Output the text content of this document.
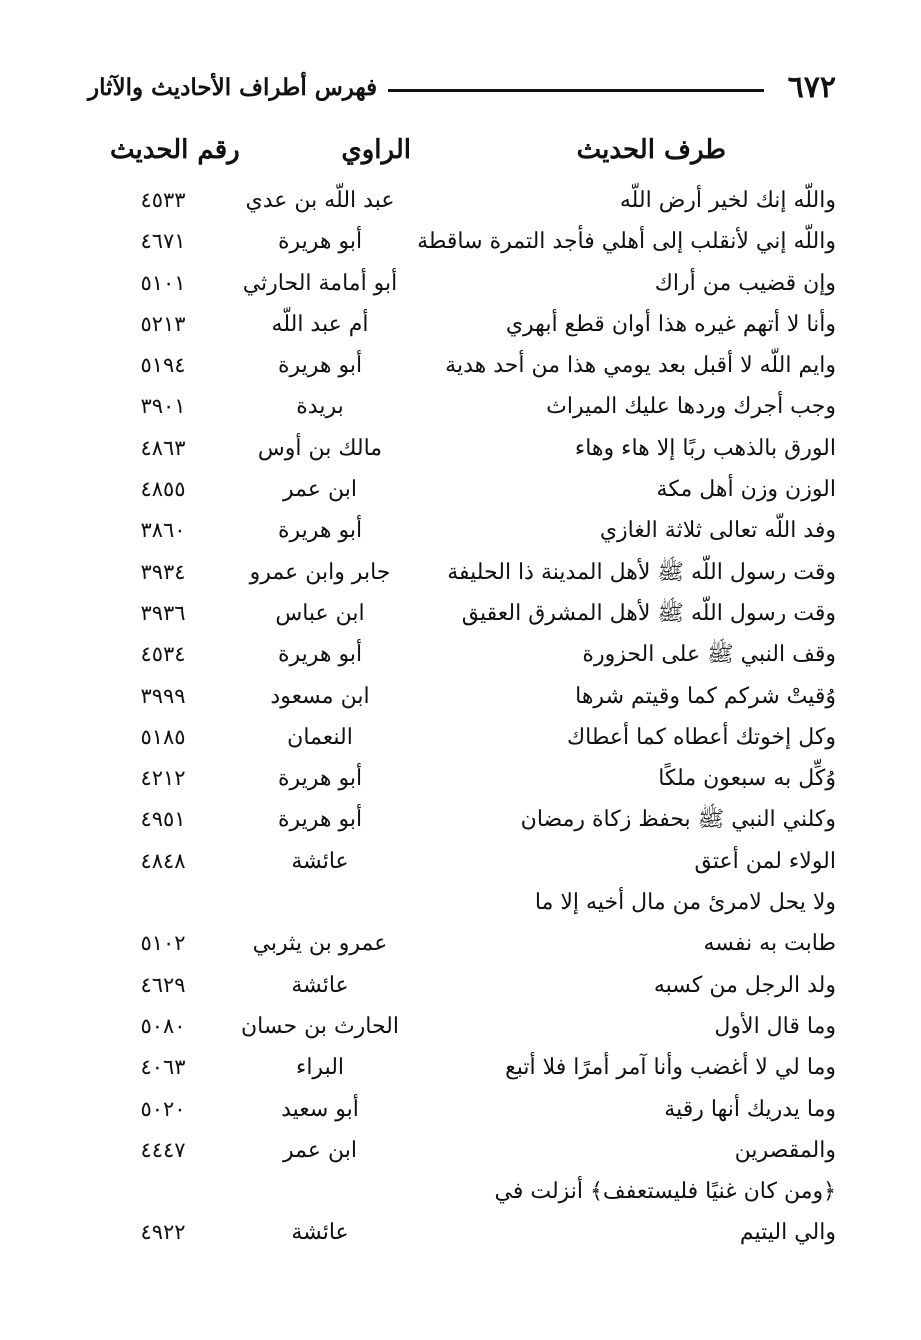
٦٧٢
فهرس أطراف الأحاديث والآثار
طرف الحديث
الراوي
رقم الحديث
واللّه إنك لخير أرض اللّه
عبد اللّه بن عدي
٤٥٣٣
واللّه إني لأنقلب إلى أهلي فأجد التمرة ساقطة
أبو هريرة
٤٦٧١
وإن قضيب من أراك
أبو أمامة الحارثي
٥١٠١
وأنا لا أتهم غيره هذا أوان قطع أبهري
أم عبد اللّه
٥٢١٣
وايم اللّه لا أقبل بعد يومي هذا من أحد هدية
أبو هريرة
٥١٩٤
وجب أجرك وردها عليك الميراث
بريدة
٣٩٠١
الورق بالذهب ربًا إلا هاء وهاء
مالك بن أوس
٤٨٦٣
الوزن وزن أهل مكة
ابن عمر
٤٨٥٥
وفد اللّه تعالى ثلاثة الغازي
أبو هريرة
٣٨٦٠
وقت رسول اللّه ﷺ لأهل المدينة ذا الحليفة
جابر وابن عمرو
٣٩٣٤
وقت رسول اللّه ﷺ لأهل المشرق العقيق
ابن عباس
٣٩٣٦
وقف النبي ﷺ على الحزورة
أبو هريرة
٤٥٣٤
وُقيتْ شركم كما وقيتم شرها
ابن مسعود
٣٩٩٩
وكل إخوتك أعطاه كما أعطاك
النعمان
٥١٨٥
وُكِّل به سبعون ملكًا
أبو هريرة
٤٢١٢
وكلني النبي ﷺ بحفظ زكاة رمضان
أبو هريرة
٤٩٥١
الولاء لمن أعتق
عائشة
٤٨٤٨
ولا يحل لامرئ من مال أخيه إلا ما
طابت به نفسه
عمرو بن يثربي
٥١٠٢
ولد الرجل من كسبه
عائشة
٤٦٢٩
وما قال الأول
الحارث بن حسان
٥٠٨٠
وما لي لا أغضب وأنا آمر أمرًا فلا أتبع
البراء
٤٠٦٣
وما يدريك أنها رقية
أبو سعيد
٥٠٢٠
والمقصرين
ابن عمر
٤٤٤٧
﴿ومن كان غنيًا فليستعفف﴾ أنزلت في
والي اليتيم
عائشة
٤٩٢٢
